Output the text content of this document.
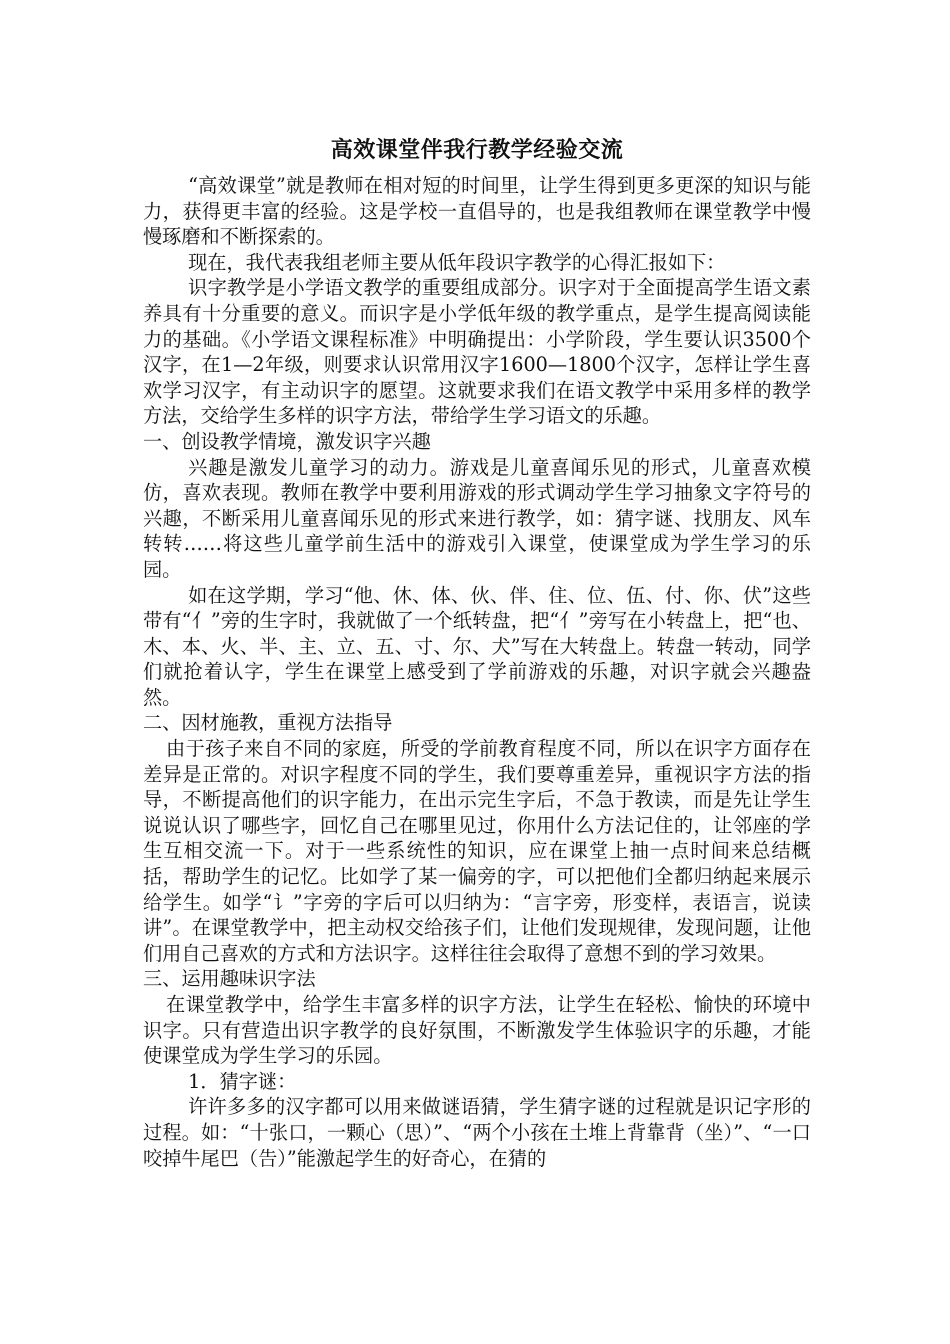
高效课堂伴我行教学经验交流

“高效课堂”就是教师在相对短的时间里，让学生得到更多更深的知识与能力，获得更丰富的经验。这是学校一直倡导的，也是我组教师在课堂教学中慢慢琢磨和不断探索的。

现在，我代表我组老师主要从低年段识字教学的心得汇报如下：

识字教学是小学语文教学的重要组成部分。识字对于全面提高学生语文素养具有十分重要的意义。而识字是小学低年级的教学重点，是学生提高阅读能力的基础。《小学语文课程标准》中明确提出：小学阶段，学生要认识3500个汉字，在1—2年级，则要求认识常用汉字1600—1800个汉字，怎样让学生喜欢学习汉字，有主动识字的愿望。这就要求我们在语文教学中采用多样的教学方法，交给学生多样的识字方法，带给学生学习语文的乐趣。

一、创设教学情境，激发识字兴趣

兴趣是激发儿童学习的动力。游戏是儿童喜闻乐见的形式，儿童喜欢模仿，喜欢表现。教师在教学中要利用游戏的形式调动学生学习抽象文字符号的兴趣，不断采用儿童喜闻乐见的形式来进行教学，如：猜字谜、找朋友、风车转转……将这些儿童学前生活中的游戏引入课堂，使课堂成为学生学习的乐园。

如在这学期，学习“他、休、体、伙、伴、住、位、伍、付、你、伏”这些带有“亻”旁的生字时，我就做了一个纸转盘，把“亻”旁写在小转盘上，把“也、木、本、火、半、主、立、五、寸、尔、犬”写在大转盘上。转盘一转动，同学们就抢着认字，学生在课堂上感受到了学前游戏的乐趣，对识字就会兴趣盎然。

二、因材施教，重视方法指导

由于孩子来自不同的家庭，所受的学前教育程度不同，所以在识字方面存在差异是正常的。对识字程度不同的学生，我们要尊重差异，重视识字方法的指导，不断提高他们的识字能力，在出示完生字后，不急于教读，而是先让学生说说认识了哪些字，回忆自己在哪里见过，你用什么方法记住的，让邻座的学生互相交流一下。对于一些系统性的知识，应在课堂上抽一点时间来总结概括，帮助学生的记忆。比如学了某一偏旁的字，可以把他们全都归纳起来展示给学生。如学“讠”字旁的字后可以归纳为：“言字旁，形变样，表语言，说读讲”。在课堂教学中，把主动权交给孩子们，让他们发现规律，发现问题，让他们用自己喜欢的方式和方法识字。这样往往会取得了意想不到的学习效果。

三、运用趣味识字法

在课堂教学中，给学生丰富多样的识字方法，让学生在轻松、愉快的环境中识字。只有营造出识字教学的良好氛围，不断激发学生体验识字的乐趣，才能使课堂成为学生学习的乐园。

1．猜字谜：

许许多多的汉字都可以用来做谜语猜，学生猜字谜的过程就是识记字形的过程。如：“十张口，一颗心（思）”、“两个小孩在土堆上背靠背（坐）”、“一口咬掉牛尾巴（告）”能激起学生的好奇心，在猜的
